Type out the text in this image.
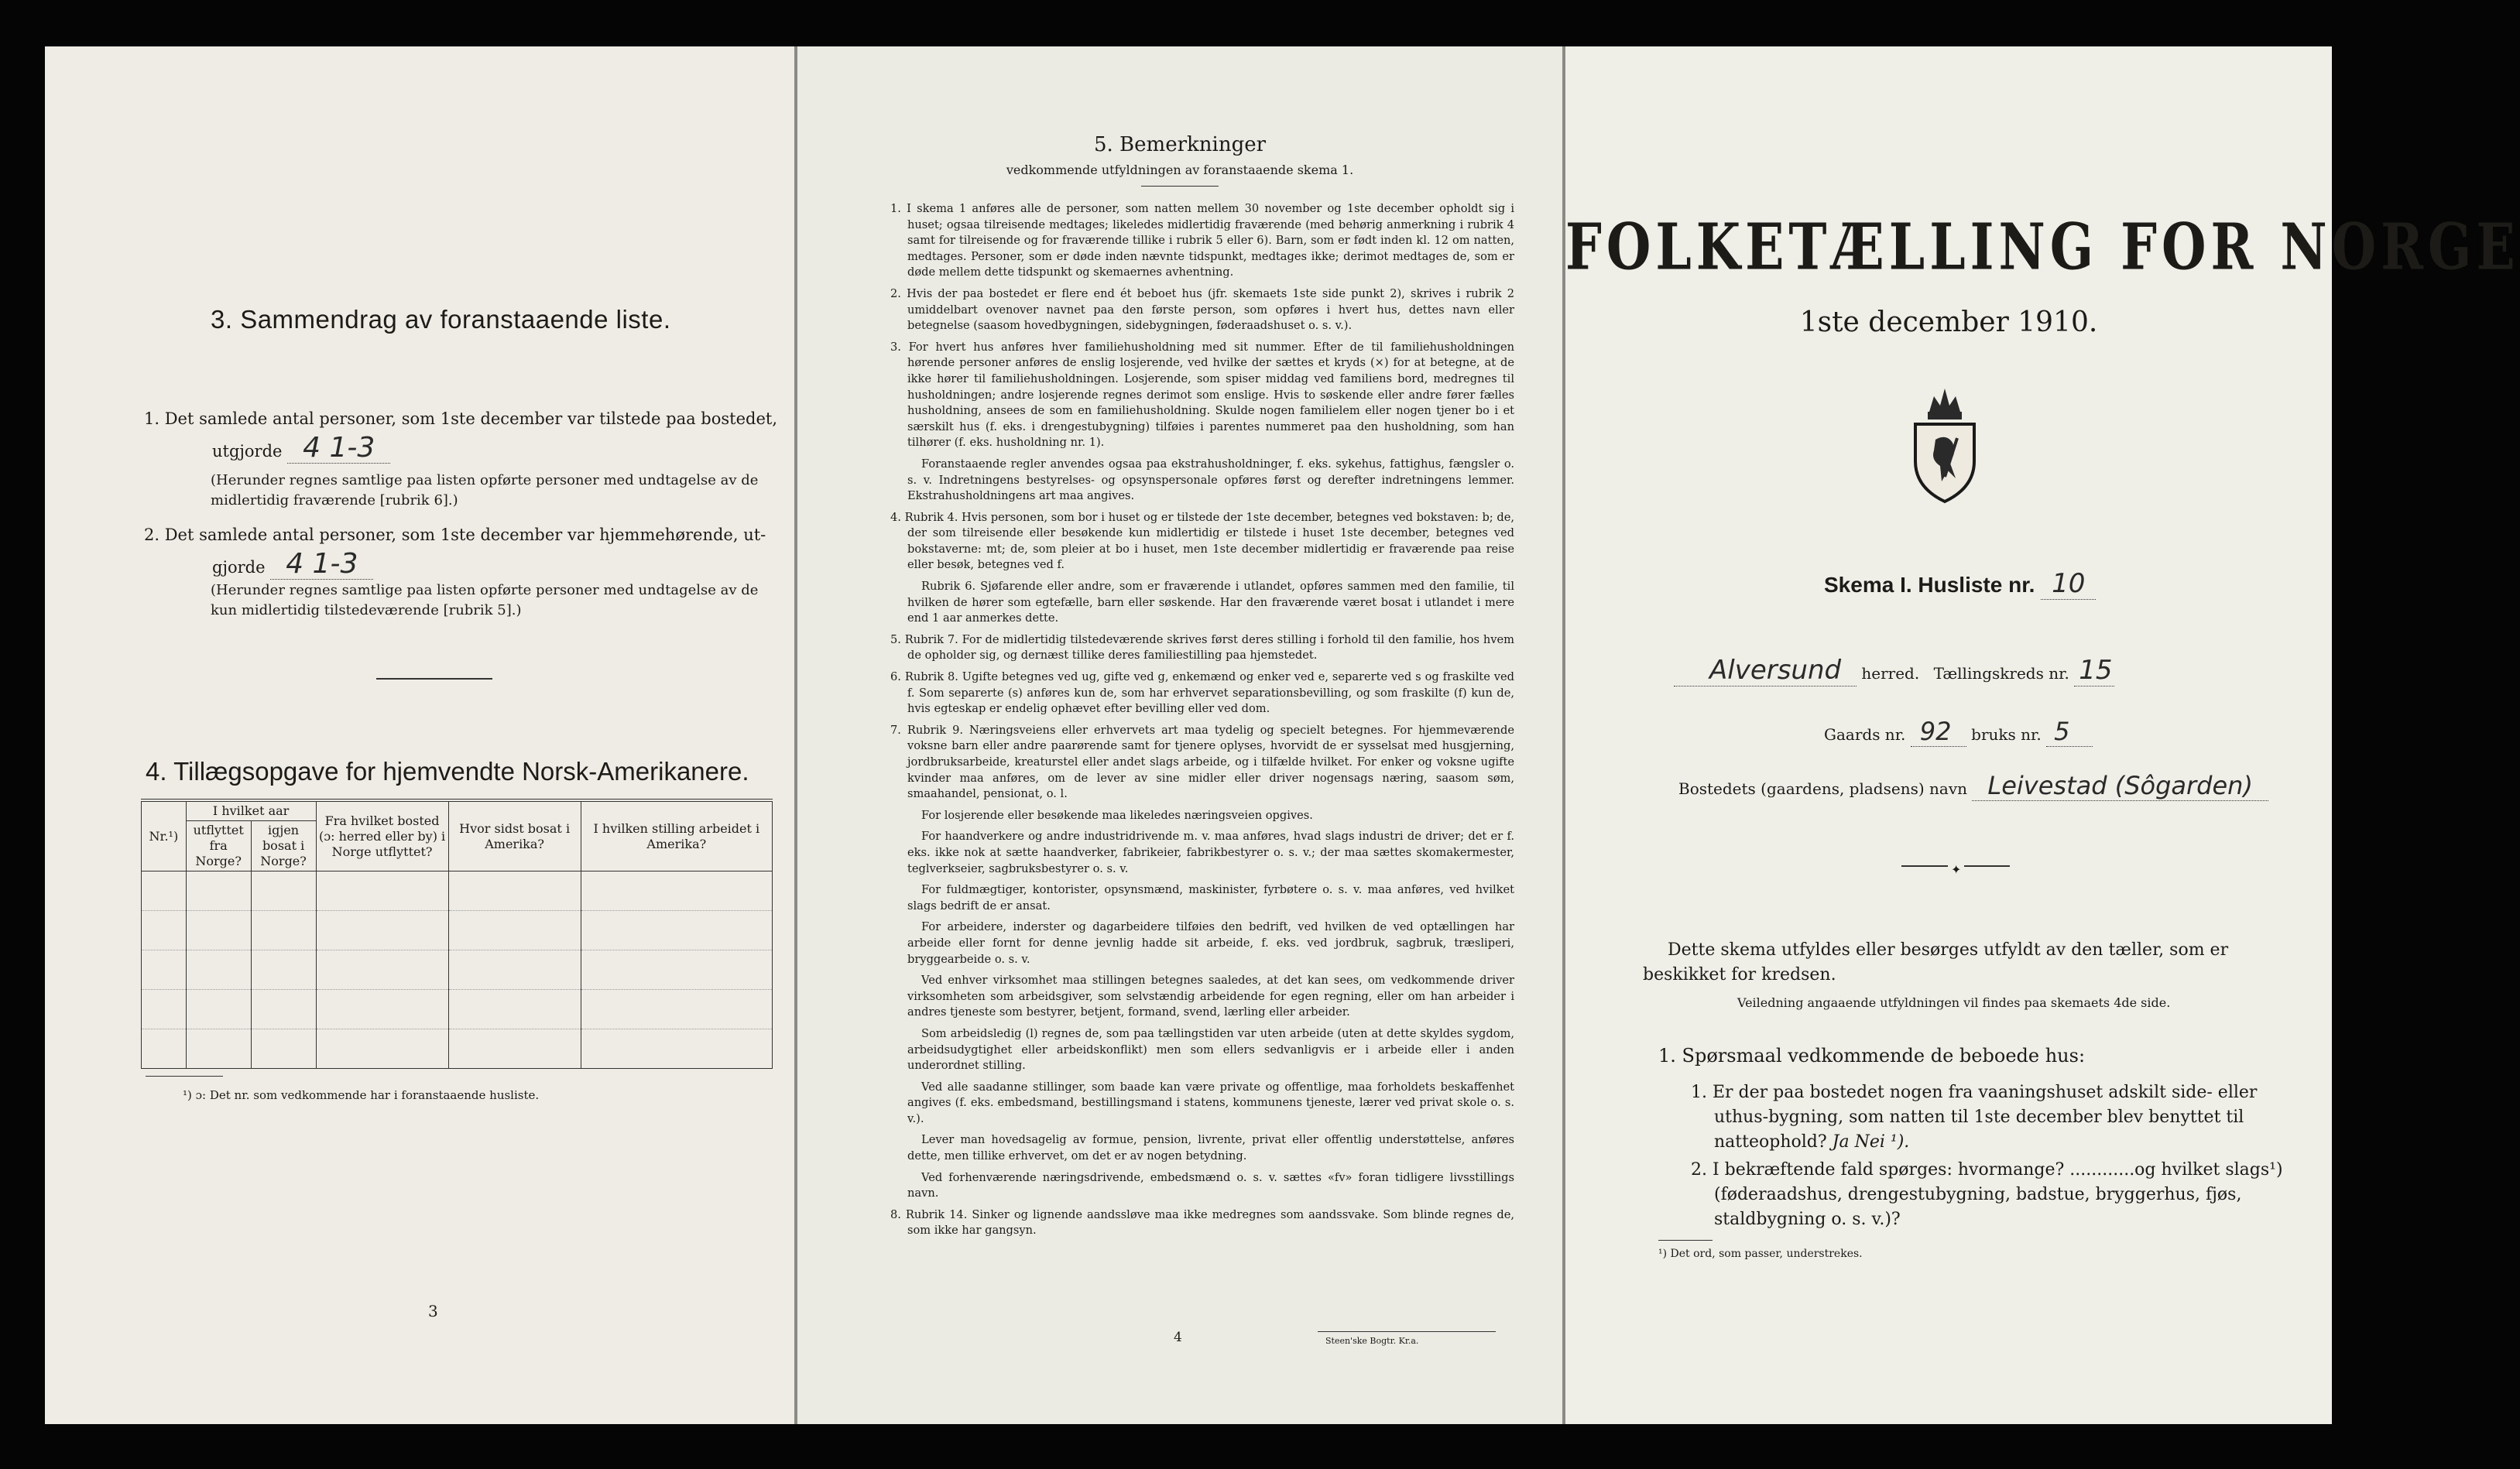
3. Sammendrag av foranstaaende liste.
1. Det samlede antal personer, som 1ste december var tilstede paa bostedet,
utgjorde 4 1-3
(Herunder regnes samtlige paa listen opførte personer med undtagelse av de midlertidig fraværende [rubrik 6].)
2. Det samlede antal personer, som 1ste december var hjemmehørende, ut-
gjorde 4 1-3
(Herunder regnes samtlige paa listen opførte personer med undtagelse av de kun midlertidig tilstedeværende [rubrik 5].)
4. Tillægsopgave for hjemvendte Norsk-Amerikanere.
Nr.¹)	I hvilket aar		Fra hvilket bosted (ɔ: herred eller by) i Norge utflyttet?	Hvor sidst bosat i Amerika?	I hvilken stilling arbeidet i Amerika?
	utflyttet fra Norge?	igjen bosat i Norge?			

¹) ɔ: Det nr. som vedkommende har i foranstaaende husliste.
3
5. Bemerkninger
vedkommende utfyldningen av foranstaaende skema 1.
1. I skema 1 anføres alle de personer, som natten mellem 30 november og 1ste december opholdt sig i huset; ogsaa tilreisende medtages; likeledes midlertidig fraværende (med behørig anmerkning i rubrik 4 samt for tilreisende og for fraværende tillike i rubrik 5 eller 6). Barn, som er født inden kl. 12 om natten, medtages. Personer, som er døde inden nævnte tidspunkt, medtages ikke; derimot medtages de, som er døde mellem dette tidspunkt og skemaernes avhentning.
2. Hvis der paa bostedet er flere end ét beboet hus (jfr. skemaets 1ste side punkt 2), skrives i rubrik 2 umiddelbart ovenover navnet paa den første person, som opføres i hvert hus, dettes navn eller betegnelse (saasom hovedbygningen, sidebygningen, føderaadshuset o. s. v.).
3. For hvert hus anføres hver familiehusholdning med sit nummer. Efter de til familiehusholdningen hørende personer anføres de enslig losjerende, ved hvilke der sættes et kryds (×) for at betegne, at de ikke hører til familiehusholdningen. Losjerende, som spiser middag ved familiens bord, medregnes til husholdningen; andre losjerende regnes derimot som enslige. Hvis to søskende eller andre fører fælles husholdning, ansees de som en familiehusholdning. Skulde nogen familielem eller nogen tjener bo i et særskilt hus (f. eks. i drengestubygning) tilføies i parentes nummeret paa den husholdning, som han tilhører (f. eks. husholdning nr. 1).
Foranstaaende regler anvendes ogsaa paa ekstrahusholdninger, f. eks. sykehus, fattighus, fængsler o. s. v. Indretningens bestyrelses- og opsynspersonale opføres først og derefter indretningens lemmer. Ekstrahusholdningens art maa angives.
4. Rubrik 4. Hvis personen, som bor i huset og er tilstede der 1ste december, betegnes ved bokstaven: b; de, der som tilreisende eller besøkende kun midlertidig er tilstede i huset 1ste december, betegnes ved bokstaverne: mt; de, som pleier at bo i huset, men 1ste december midlertidig er fraværende paa reise eller besøk, betegnes ved f.
Rubrik 6. Sjøfarende eller andre, som er fraværende i utlandet, opføres sammen med den familie, til hvilken de hører som egtefælle, barn eller søskende. Har den fraværende været bosat i utlandet i mere end 1 aar anmerkes dette.
5. Rubrik 7. For de midlertidig tilstedeværende skrives først deres stilling i forhold til den familie, hos hvem de opholder sig, og dernæst tillike deres familiestilling paa hjemstedet.
6. Rubrik 8. Ugifte betegnes ved ug, gifte ved g, enkemænd og enker ved e, separerte ved s og fraskilte ved f. Som separerte (s) anføres kun de, som har erhvervet separationsbevilling, og som fraskilte (f) kun de, hvis egteskap er endelig ophævet efter bevilling eller ved dom.
7. Rubrik 9. Næringsveiens eller erhvervets art maa tydelig og specielt betegnes. For hjemmeværende voksne barn eller andre paarørende samt for tjenere oplyses, hvorvidt de er sysselsat med husgjerning, jordbruksarbeide, kreaturstel eller andet slags arbeide, og i tilfælde hvilket. For enker og voksne ugifte kvinder maa anføres, om de lever av sine midler eller driver nogensags næring, saasom søm, smaahandel, pensionat, o. l.
For losjerende eller besøkende maa likeledes næringsveien opgives.
For haandverkere og andre industridrivende m. v. maa anføres, hvad slags industri de driver; det er f. eks. ikke nok at sætte haandverker, fabrikeier, fabrikbestyrer o. s. v.; der maa sættes skomakermester, teglverkseier, sagbruksbestyrer o. s. v.
For fuldmægtiger, kontorister, opsynsmænd, maskinister, fyrbøtere o. s. v. maa anføres, ved hvilket slags bedrift de er ansat.
For arbeidere, inderster og dagarbeidere tilføies den bedrift, ved hvilken de ved optællingen har arbeide eller fornt for denne jevnlig hadde sit arbeide, f. eks. ved jordbruk, sagbruk, træsliperi, bryggearbeide o. s. v.
Ved enhver virksomhet maa stillingen betegnes saaledes, at det kan sees, om vedkommende driver virksomheten som arbeidsgiver, som selvstændig arbeidende for egen regning, eller om han arbeider i andres tjeneste som bestyrer, betjent, formand, svend, lærling eller arbeider.
Som arbeidsledig (l) regnes de, som paa tællingstiden var uten arbeide (uten at dette skyldes sygdom, arbeidsudygtighet eller arbeidskonflikt) men som ellers sedvanligvis er i arbeide eller i anden underordnet stilling.
Ved alle saadanne stillinger, som baade kan være private og offentlige, maa forholdets beskaffenhet angives (f. eks. embedsmand, bestillingsmand i statens, kommunens tjeneste, lærer ved privat skole o. s. v.).
Lever man hovedsagelig av formue, pension, livrente, privat eller offentlig understøttelse, anføres dette, men tillike erhvervet, om det er av nogen betydning.
Ved forhenværende næringsdrivende, embedsmænd o. s. v. sættes «fv» foran tidligere livsstillings navn.
8. Rubrik 14. Sinker og lignende aandssløve maa ikke medregnes som aandssvake. Som blinde regnes de, som ikke har gangsyn.
4	Steen'ske Bogtr. Kr.a.
FOLKETÆLLING FOR NORGE
1ste december 1910.
Skema I. Husliste nr. 10
Alversund herred. Tællingskreds nr. 15
Gaards nr. 92 bruks nr. 5
Bostedets (gaardens, pladsens) navn Leivestad (Sôgarden)
✦
Dette skema utfyldes eller besørges utfyldt av den tæller, som er beskikket for kredsen.
Veiledning angaaende utfyldningen vil findes paa skemaets 4de side.
1. Spørsmaal vedkommende de beboede hus:
1. Er der paa bostedet nogen fra vaaningshuset adskilt side- eller uthus-bygning, som natten til 1ste december blev benyttet til natteophold? Ja Nei ¹).
2. I bekræftende fald spørges: hvormange? ............og hvilket slags¹) (føderaadshus, drengestubygning, badstue, bryggerhus, fjøs, staldbygning o. s. v.)?
¹) Det ord, som passer, understrekes.
